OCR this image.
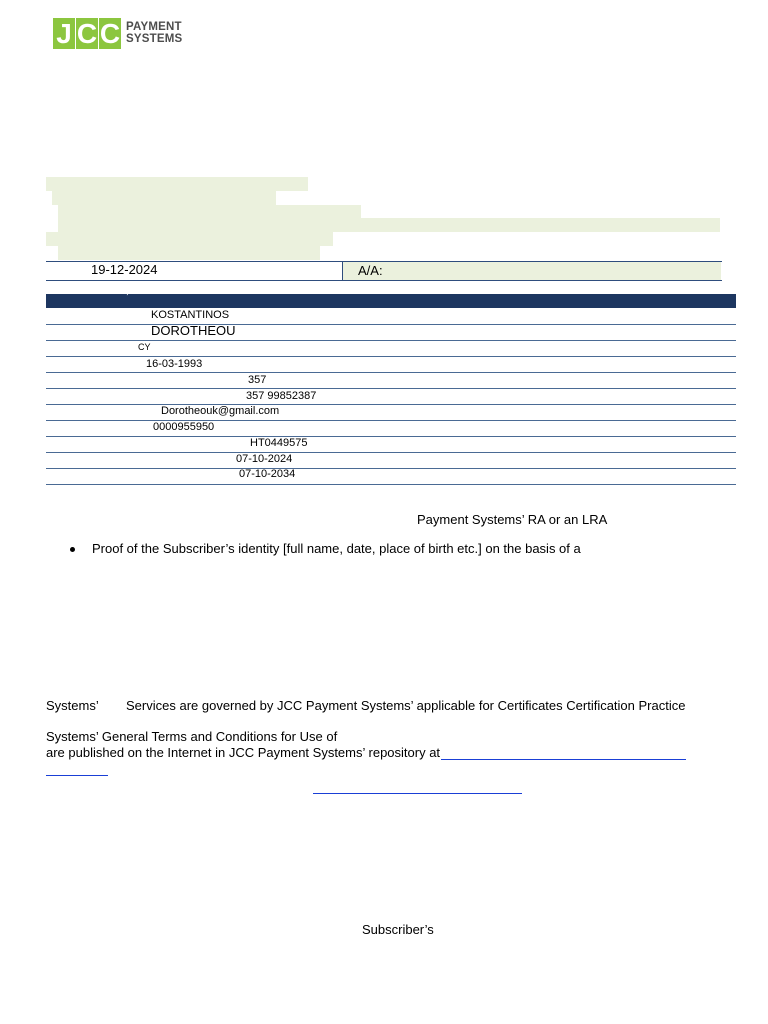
J C C PAYMENT
SYSTEMS
19-12-2024	A/A:
’
KOSTANTINOS
DOROTHEOU
CY
16-03-1993
357
357 99852387
Dorotheouk@gmail.com
0000955950
HT0449575
07-10-2024
07-10-2034
Payment Systems’ RA or an LRA
Proof of the Subscriber’s identity [full name, date, place of birth etc.] on the basis of a
Systems’ Services are governed by JCC Payment Systems’ applicable for Certificates Certification Practice
Systems’ General Terms and Conditions for Use of
are published on the Internet in JCC Payment Systems’ repository at
Subscriber’s
